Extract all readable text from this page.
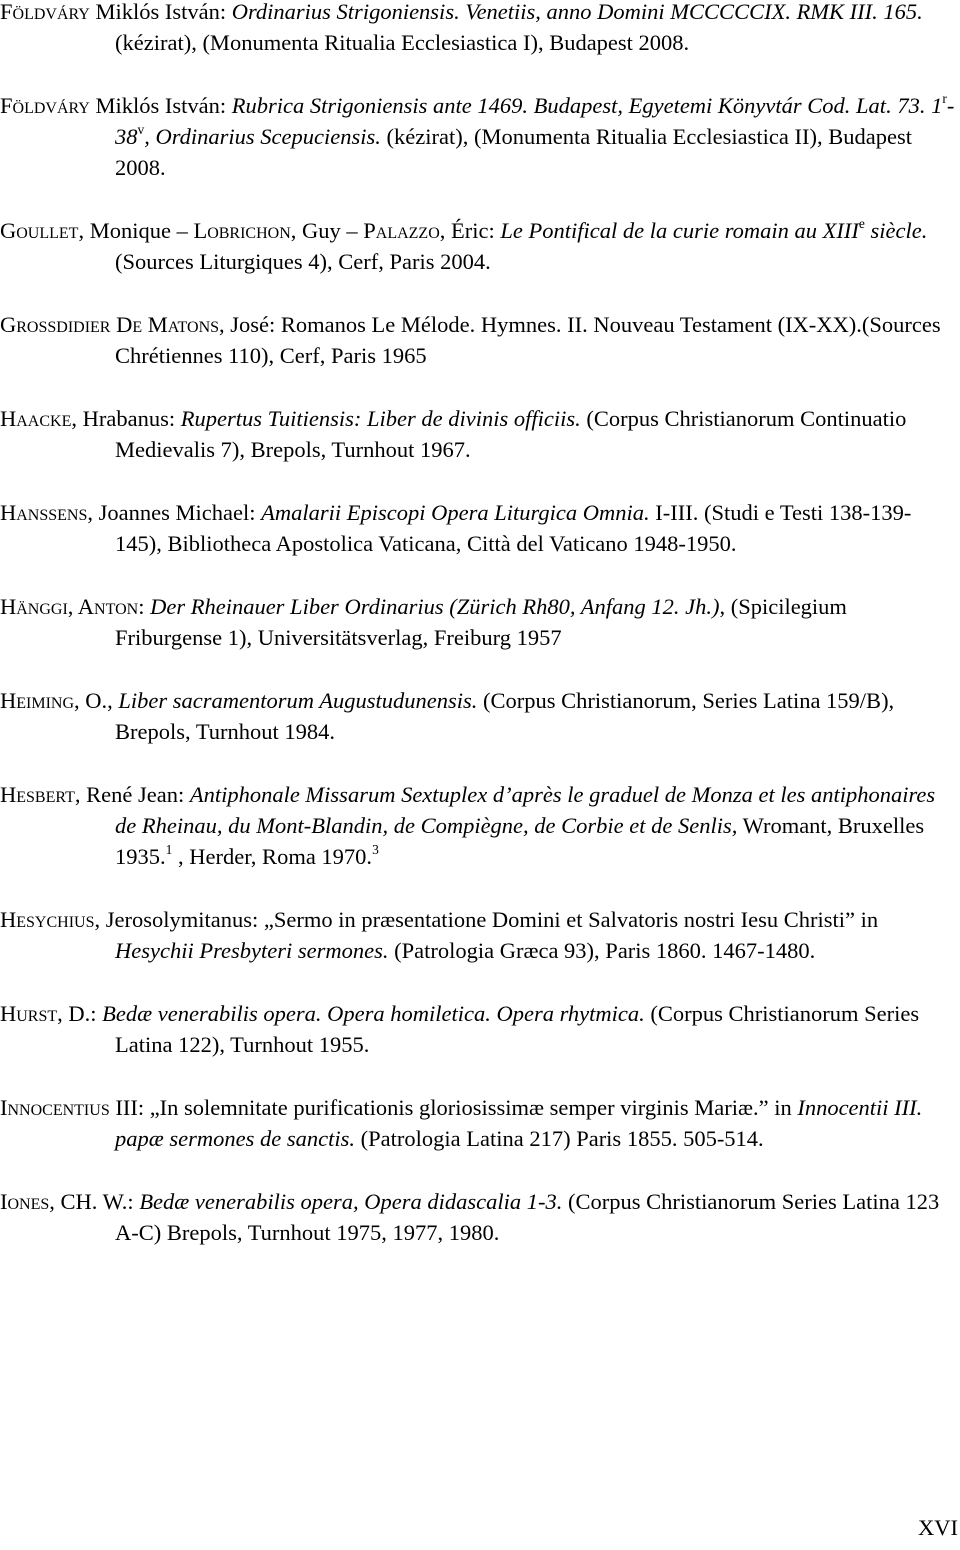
Földváry Miklós István: Ordinarius Strigoniensis. Venetiis, anno Domini MCCCCCIX. RMK III. 165. (kézirat), (Monumenta Ritualia Ecclesiastica I), Budapest 2008.

Földváry Miklós István: Rubrica Strigoniensis ante 1469. Budapest, Egyetemi Könyvtár Cod. Lat. 73. 1$^r$-38$^v$, Ordinarius Scepuciensis. (kézirat), (Monumenta Ritualia Ecclesiastica II), Budapest 2008.

Goullet, Monique – Lobrichon, Guy – Palazzo, Éric: Le Pontifical de la curie romain au XIIIe siècle. (Sources Liturgiques 4), Cerf, Paris 2004.

Grossdidier De Matons, José: Romanos Le Mélode. Hymnes. II. Nouveau Testament (IX-XX).(Sources Chrétiennes 110), Cerf, Paris 1965

Haacke, Hrabanus: Rupertus Tuitiensis: Liber de divinis officiis. (Corpus Christianorum Continuatio Medievalis 7), Brepols, Turnhout 1967.

Hanssens, Joannes Michael: Amalarii Episcopi Opera Liturgica Omnia. I-III. (Studi e Testi 138-139-145), Bibliotheca Apostolica Vaticana, Città del Vaticano 1948-1950.

Hänggi, Anton: Der Rheinauer Liber Ordinarius (Zürich Rh80, Anfang 12. Jh.), (Spicilegium Friburgense 1), Universitätsverlag, Freiburg 1957

Heiming, O., Liber sacramentorum Augustudunensis. (Corpus Christianorum, Series Latina 159/B), Brepols, Turnhout 1984.

Hesbert, René Jean: Antiphonale Missarum Sextuplex d’après le graduel de Monza et les antiphonaires de Rheinau, du Mont-Blandin, de Compiègne, de Corbie et de Senlis, Wromant, Bruxelles 1935.$^1$ , Herder, Roma 1970.$^3$

Hesychius, Jerosolymitanus: „Sermo in præsentatione Domini et Salvatoris nostri Iesu Christi” in Hesychii Presbyteri sermones. (Patrologia Græca 93), Paris 1860. 1467-1480.

Hurst, D.: Bedæ venerabilis opera. Opera homiletica. Opera rhytmica. (Corpus Christianorum Series Latina 122), Turnhout 1955.

Innocentius III: „In solemnitate purificationis gloriosissimæ semper virginis Mariæ.” in Innocentii III. papæ sermones de sanctis. (Patrologia Latina 217) Paris 1855. 505-514.

Iones, CH. W.: Bedæ venerabilis opera, Opera didascalia 1-3. (Corpus Christianorum Series Latina 123 A-C) Brepols, Turnhout 1975, 1977, 1980.

XVI
